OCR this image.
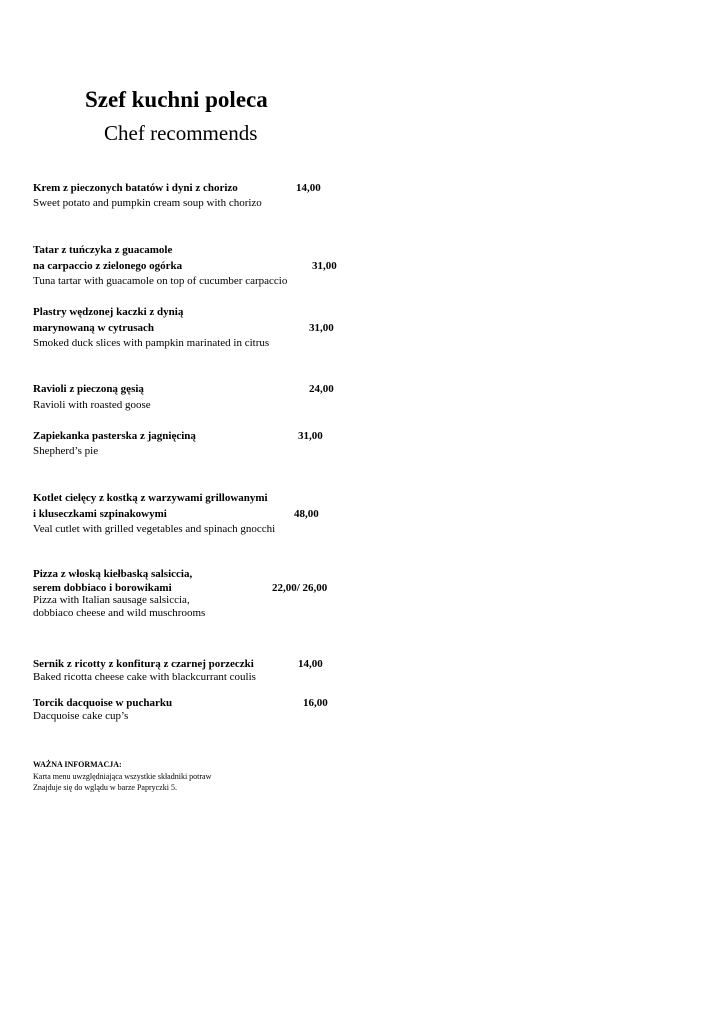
Szef kuchni poleca
Chef recommends
Krem z pieczonych batatów i dyni z chorizo	14,00
Sweet potato and pumpkin cream soup with chorizo
Tatar z tuńczyka z guacamole
na carpaccio z zielonego ogórka	31,00
Tuna tartar with guacamole on top of cucumber carpaccio
Plastry wędzonej kaczki z dynią
marynowaną w cytrusach	31,00
Smoked duck slices with pampkin marinated in citrus
Ravioli z pieczoną gęsią	24,00
Ravioli with roasted goose
Zapiekanka pasterska z jagnięciną	31,00
Shepherd’s pie
Kotlet cielęcy z kostką z warzywami grillowanymi
i kluseczkami szpinakowymi	48,00
Veal cutlet with grilled vegetables and spinach gnocchi
Pizza z włoską kiełbaską salsiccia,
serem dobbiaco i borowikami	22,00/ 26,00
Pizza with Italian sausage salsiccia,
dobbiaco cheese and wild muschrooms
Sernik z ricotty z konfiturą z czarnej porzeczki	14,00
Baked ricotta cheese cake with blackcurrant coulis
Torcik dacquoise w pucharku	16,00
Dacquoise cake cup’s
WAŻNA INFORMACJA:
Karta menu uwzględniająca wszystkie składniki potraw
Znajduje się do wglądu w barze Papryczki 5.
